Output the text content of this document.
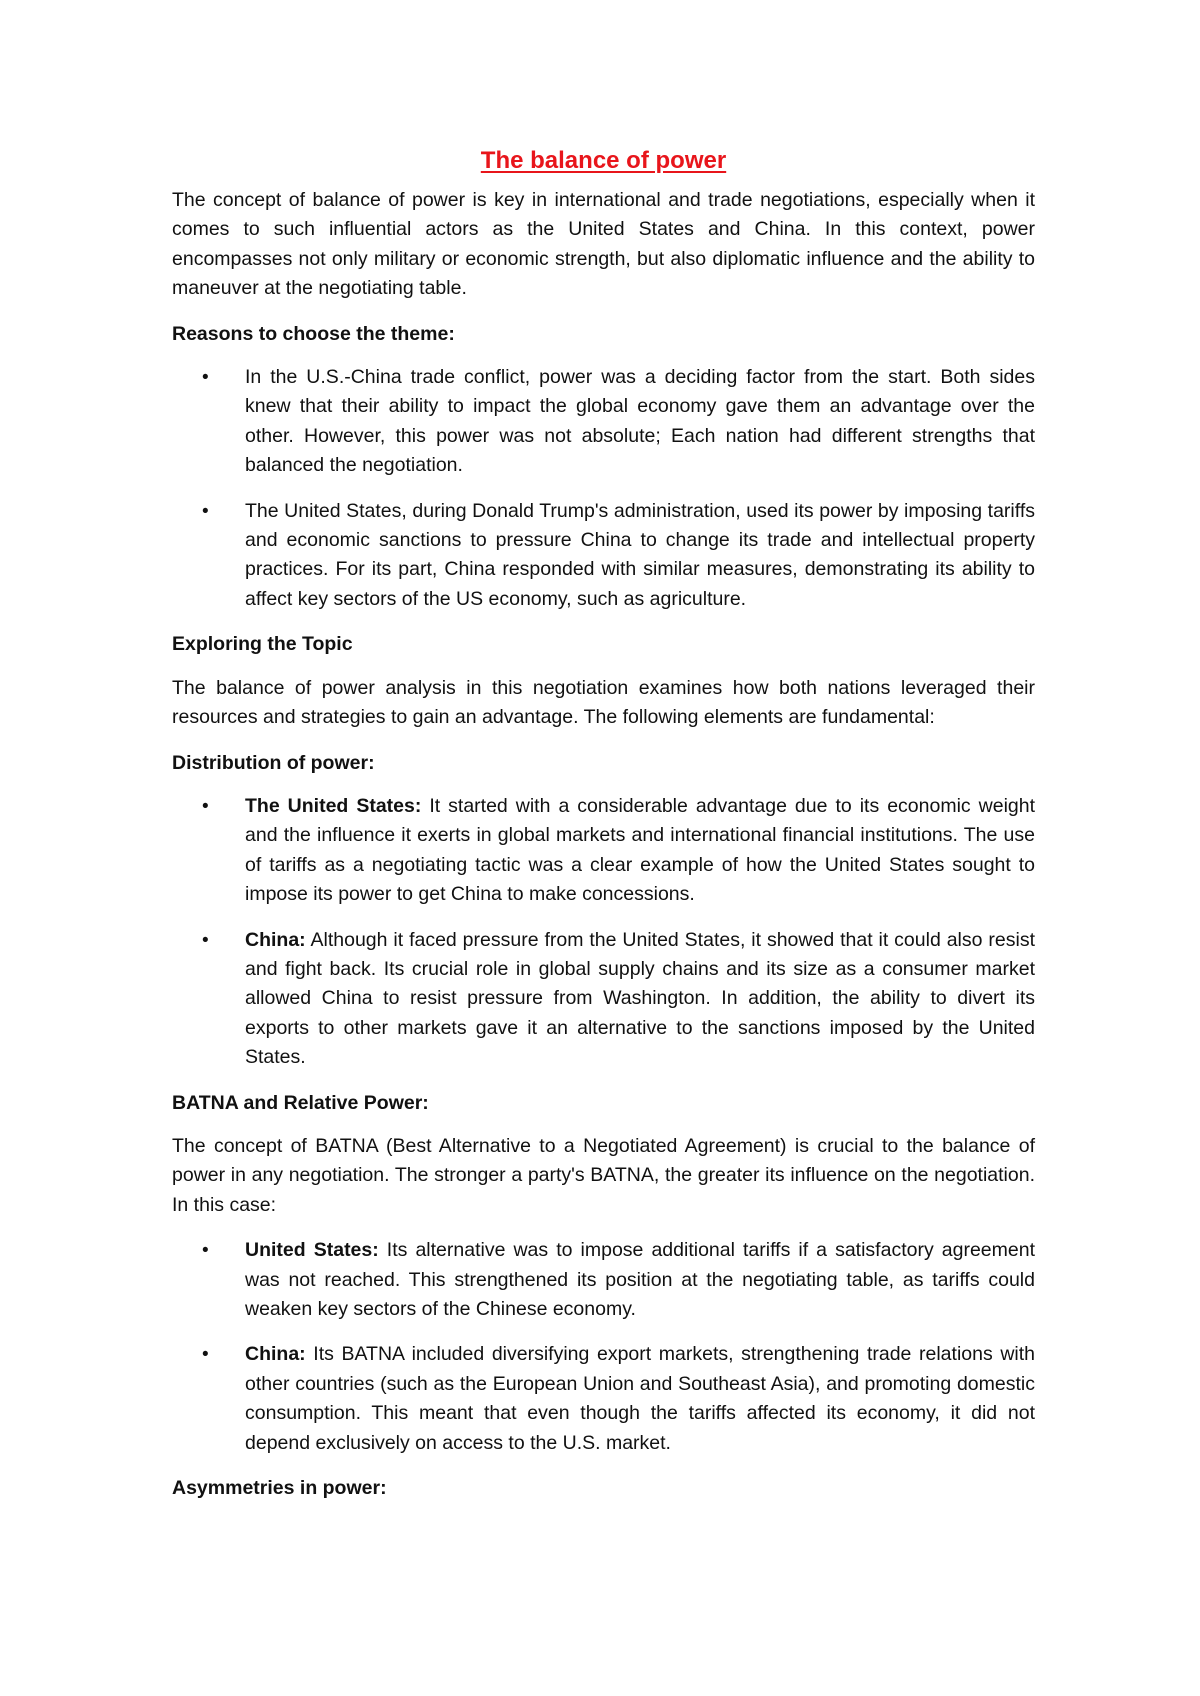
The balance of power

The concept of balance of power is key in international and trade negotiations, especially when it comes to such influential actors as the United States and China. In this context, power encompasses not only military or economic strength, but also diplomatic influence and the ability to maneuver at the negotiating table.

Reasons to choose the theme:
• In the U.S.-China trade conflict, power was a deciding factor from the start. Both sides knew that their ability to impact the global economy gave them an advantage over the other. However, this power was not absolute; Each nation had different strengths that balanced the negotiation.
• The United States, during Donald Trump's administration, used its power by imposing tariffs and economic sanctions to pressure China to change its trade and intellectual property practices. For its part, China responded with similar measures, demonstrating its ability to affect key sectors of the US economy, such as agriculture.
Exploring the Topic

The balance of power analysis in this negotiation examines how both nations leveraged their resources and strategies to gain an advantage. The following elements are fundamental:

Distribution of power:
• The United States: It started with a considerable advantage due to its economic weight and the influence it exerts in global markets and international financial institutions. The use of tariffs as a negotiating tactic was a clear example of how the United States sought to impose its power to get China to make concessions.
• China: Although it faced pressure from the United States, it showed that it could also resist and fight back. Its crucial role in global supply chains and its size as a consumer market allowed China to resist pressure from Washington. In addition, the ability to divert its exports to other markets gave it an alternative to the sanctions imposed by the United States.
BATNA and Relative Power:

The concept of BATNA (Best Alternative to a Negotiated Agreement) is crucial to the balance of power in any negotiation. The stronger a party's BATNA, the greater its influence on the negotiation. In this case:

• United States: Its alternative was to impose additional tariffs if a satisfactory agreement was not reached. This strengthened its position at the negotiating table, as tariffs could weaken key sectors of the Chinese economy.
• China: Its BATNA included diversifying export markets, strengthening trade relations with other countries (such as the European Union and Southeast Asia), and promoting domestic consumption. This meant that even though the tariffs affected its economy, it did not depend exclusively on access to the U.S. market.
Asymmetries in power:
